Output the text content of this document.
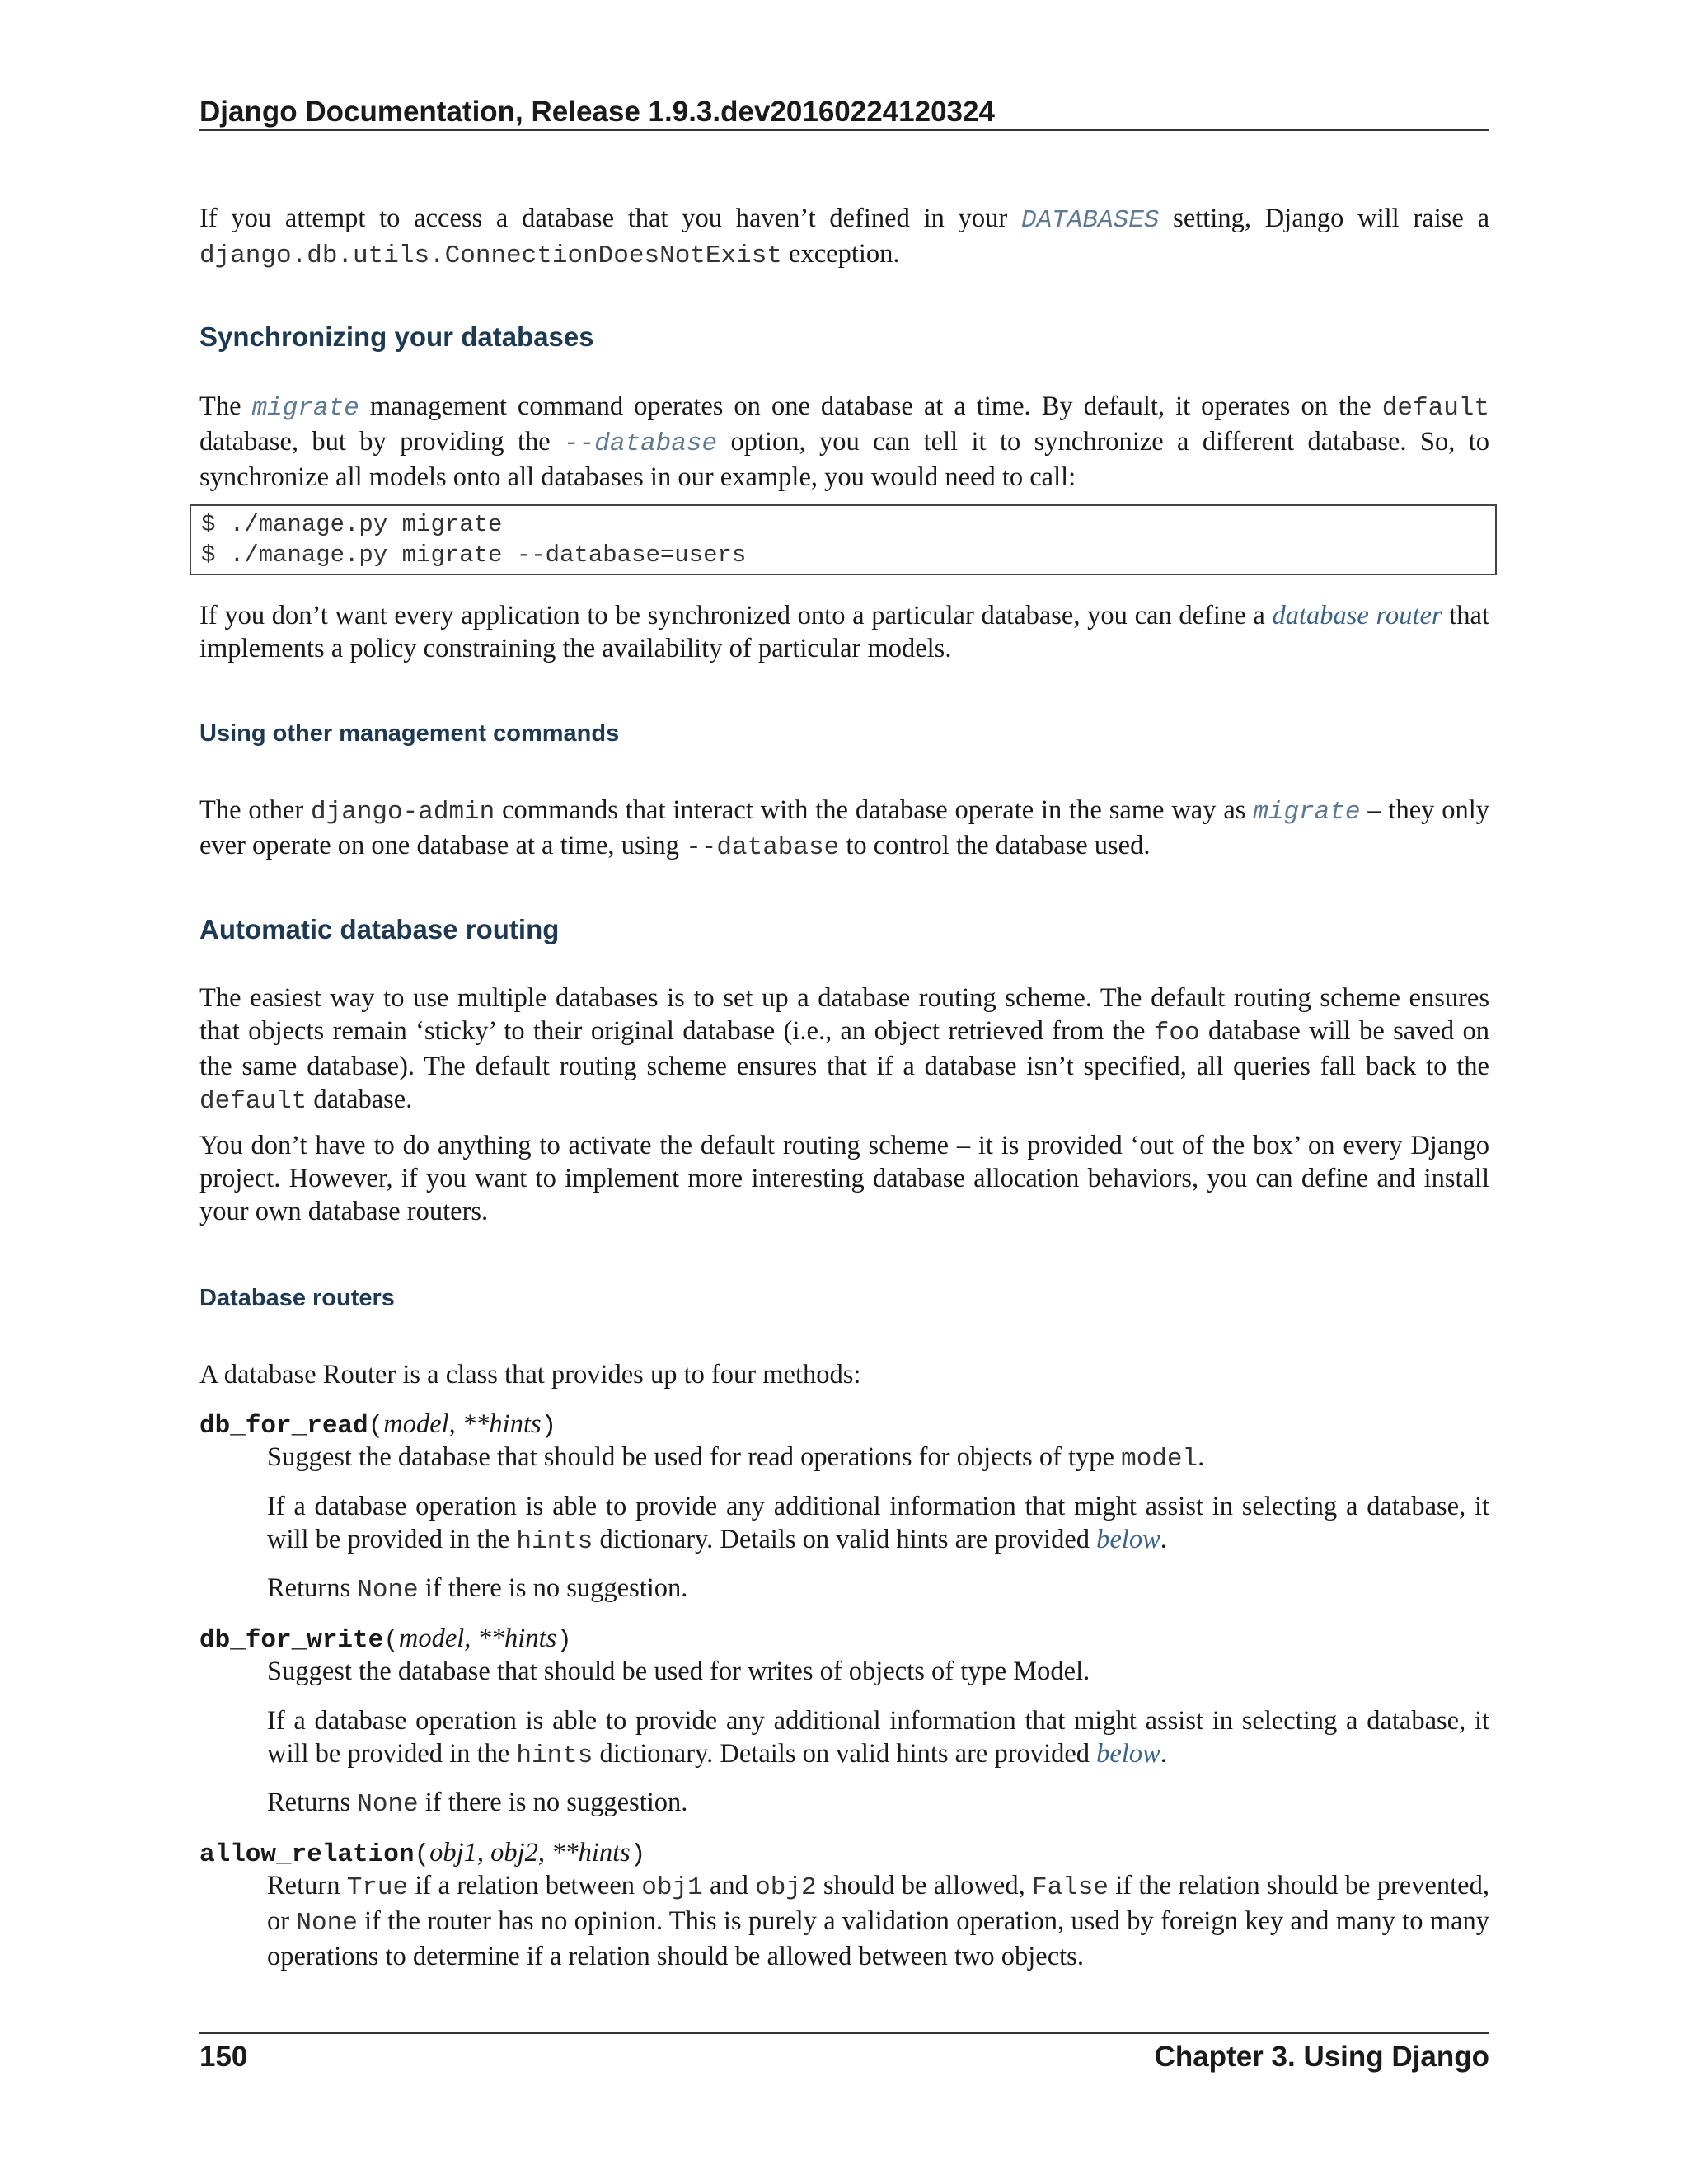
Django Documentation, Release 1.9.3.dev20160224120324

If you attempt to access a database that you haven’t defined in your DATABASES setting, Django will raise a django.db.utils.ConnectionDoesNotExist exception.

Synchronizing your databases

The migrate management command operates on one database at a time. By default, it operates on the default database, but by providing the --database option, you can tell it to synchronize a different database. So, to synchronize all models onto all databases in our example, you would need to call:

$ ./manage.py migrate
$ ./manage.py migrate --database=users

If you don’t want every application to be synchronized onto a particular database, you can define a database router that implements a policy constraining the availability of particular models.

Using other management commands

The other django-admin commands that interact with the database operate in the same way as migrate – they only ever operate on one database at a time, using --database to control the database used.

Automatic database routing

The easiest way to use multiple databases is to set up a database routing scheme. The default routing scheme ensures that objects remain ‘sticky’ to their original database (i.e., an object retrieved from the foo database will be saved on the same database). The default routing scheme ensures that if a database isn’t specified, all queries fall back to the default database.

You don’t have to do anything to activate the default routing scheme – it is provided ‘out of the box’ on every Django project. However, if you want to implement more interesting database allocation behaviors, you can define and install your own database routers.

Database routers

A database Router is a class that provides up to four methods:

db_for_read(model, **hints)
Suggest the database that should be used for read operations for objects of type model.
If a database operation is able to provide any additional information that might assist in selecting a database, it will be provided in the hints dictionary. Details on valid hints are provided below.
Returns None if there is no suggestion.
db_for_write(model, **hints)
Suggest the database that should be used for writes of objects of type Model.
If a database operation is able to provide any additional information that might assist in selecting a database, it will be provided in the hints dictionary. Details on valid hints are provided below.
Returns None if there is no suggestion.
allow_relation(obj1, obj2, **hints)
Return True if a relation between obj1 and obj2 should be allowed, False if the relation should be prevented, or None if the router has no opinion. This is purely a validation operation, used by foreign key and many to many operations to determine if a relation should be allowed between two objects.
150	Chapter 3. Using Django
